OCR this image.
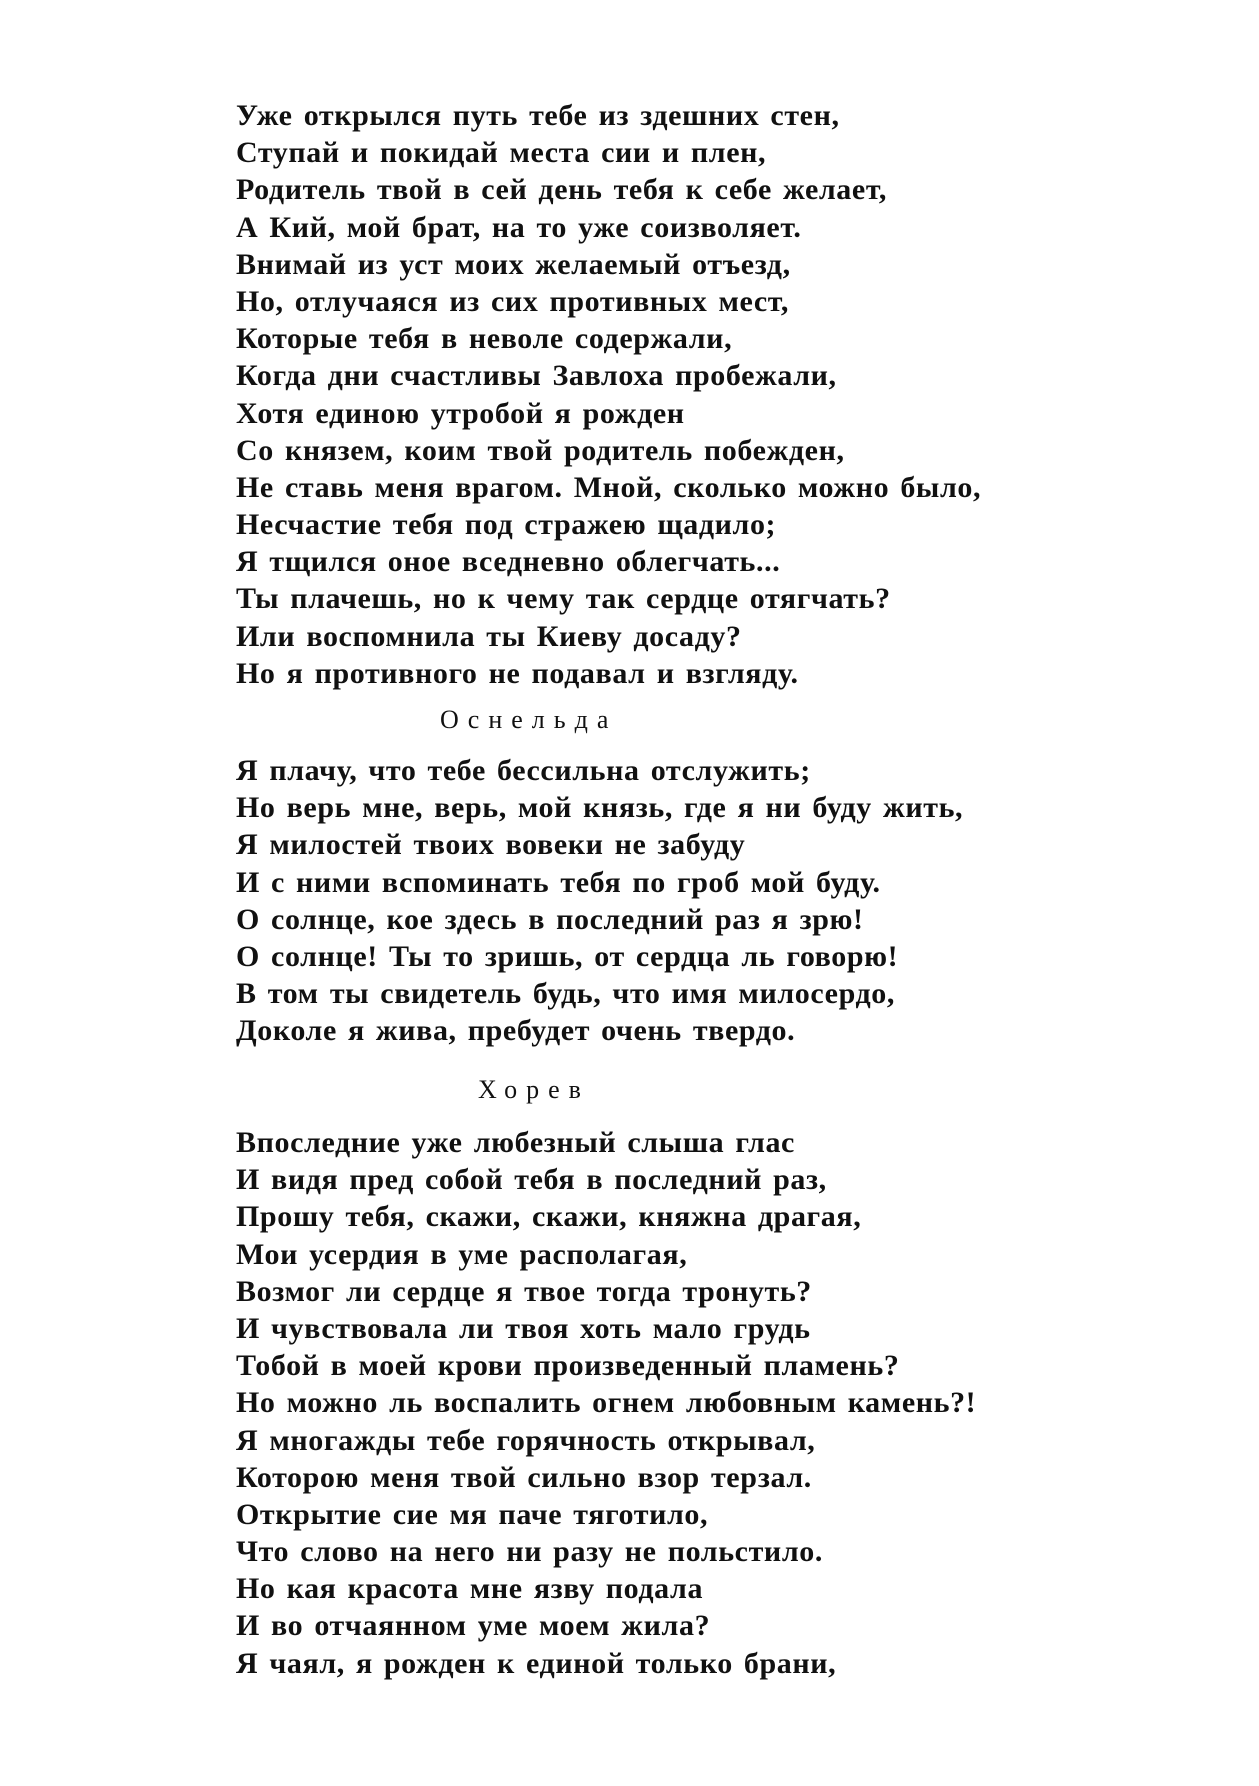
Уже открылся путь тебе из здешних стен,
Ступай и покидай места сии и плен,
Родитель твой в сей день тебя к себе желает,
А Кий, мой брат, на то уже соизволяет.
Внимай из уст моих желаемый отъезд,
Но, отлучаяся из сих противных мест,
Которые тебя в неволе содержали,
Когда дни счастливы Завлоха пробежали,
Хотя единою утробой я рожден
Со князем, коим твой родитель побежден,
Не ставь меня врагом. Мной, сколько можно было,
Несчастие тебя под стражею щадило;
Я тщился оное вседневно облегчать...
Ты плачешь, но к чему так сердце отягчать?
Или воспомнила ты Киеву досаду?
Но я противного не подавал и взгляду.
Оснельда
Я плачу, что тебе бессильна отслужить;
Но верь мне, верь, мой князь, где я ни буду жить,
Я милостей твоих вовеки не забуду
И с ними вспоминать тебя по гроб мой буду.
О солнце, кое здесь в последний раз я зрю!
О солнце! Ты то зришь, от сердца ль говорю!
В том ты свидетель будь, что имя милосердо,
Доколе я жива, пребудет очень твердо.
Хорев
Впоследние уже любезный слыша глас
И видя пред собой тебя в последний раз,
Прошу тебя, скажи, скажи, княжна драгая,
Мои усердия в уме располагая,
Возмог ли сердце я твое тогда тронуть?
И чувствовала ли твоя хоть мало грудь
Тобой в моей крови произведенный пламень?
Но можно ль воспалить огнем любовным камень?!
Я многажды тебе горячность открывал,
Которою меня твой сильно взор терзал.
Открытие сие мя паче тяготило,
Что слово на него ни разу не польстило.
Но кая красота мне язву подала
И во отчаянном уме моем жила?
Я чаял, я рожден к единой только брани,
